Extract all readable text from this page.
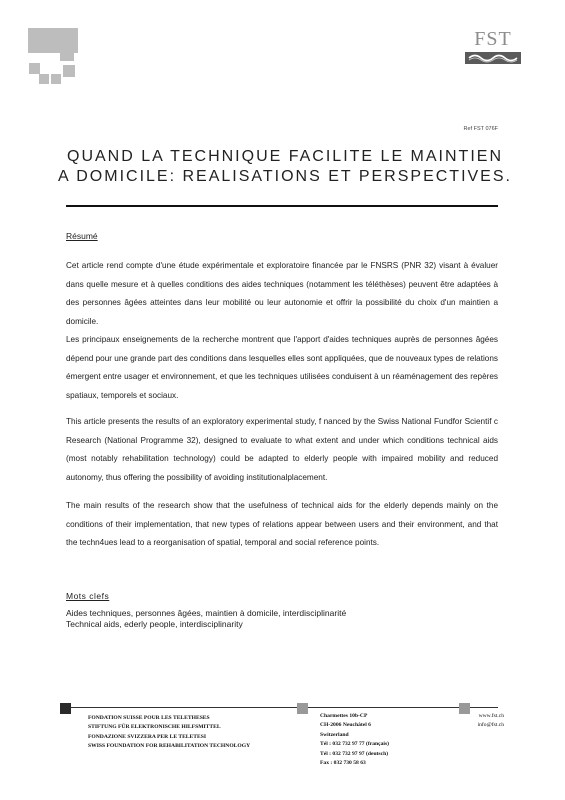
FST
Ref FST 076F
QUAND LA TECHNIQUE FACILITE LE MAINTIEN
A DOMICILE: REALISATIONS ET PERSPECTIVES.
Résumé

Cet article rend compte d'une étude expérimentale et exploratoire financée par le FNSRS (PNR 32) visant à évaluer dans quelle mesure et à quelles conditions des aides techniques (notamment les téléthèses) peuvent être adaptées à des personnes âgées atteintes dans leur mobilité ou leur autonomie et offrir la possibilité du choix d'un maintien a domicile.

Les principaux enseignements de la recherche montrent que l'apport d'aides techniques auprès de personnes âgées dépend pour une grande part des conditions dans lesquelles elles sont appliquées, que de nouveaux types de relations émergent entre usager et environnement, et que les techniques utilisées conduisent à un réaménagement des repères spatiaux, temporels et sociaux.

This article presents the results of an exploratory experimental study, f nanced by the Swiss National Fundfor Scientif c Research (National Programme 32), designed to evaluate to what extent and under which conditions technical aids (most notably rehabilitation technology) could be adapted to elderly people with impaired mobility and reduced autonomy, thus offering the possibility of avoiding institutionalplacement.

The main results of the research show that the usefulness of technical aids for the elderly depends mainly on the conditions of their implementation, that new types of relations appear between users and their environment, and that the techn4ues lead to a reorganisation of spatial, temporal and social reference points.

Mots clefs
Aides techniques, personnes âgées, maintien à domicile, interdisciplinarité
Technical aids, ederly people, interdisciplinarity
FONDATION SUISSE POUR LES TELETHESES
STIFTUNG FÜR ELEKTRONISCHE HILFSMITTEL
FONDAZIONE SVIZZERA PER LE TELETESI
SWISS FOUNDATION FOR REHABILITATION TECHNOLOGY
Charmettes 10b-CP
CH-2006 Neuchâtel 6
Switzerland
Tél : 032 732 97 77 (français)
Tél : 032 732 97 97 (deutsch)
Fax : 032 730 58 63
www.fst.ch
info@fst.ch
